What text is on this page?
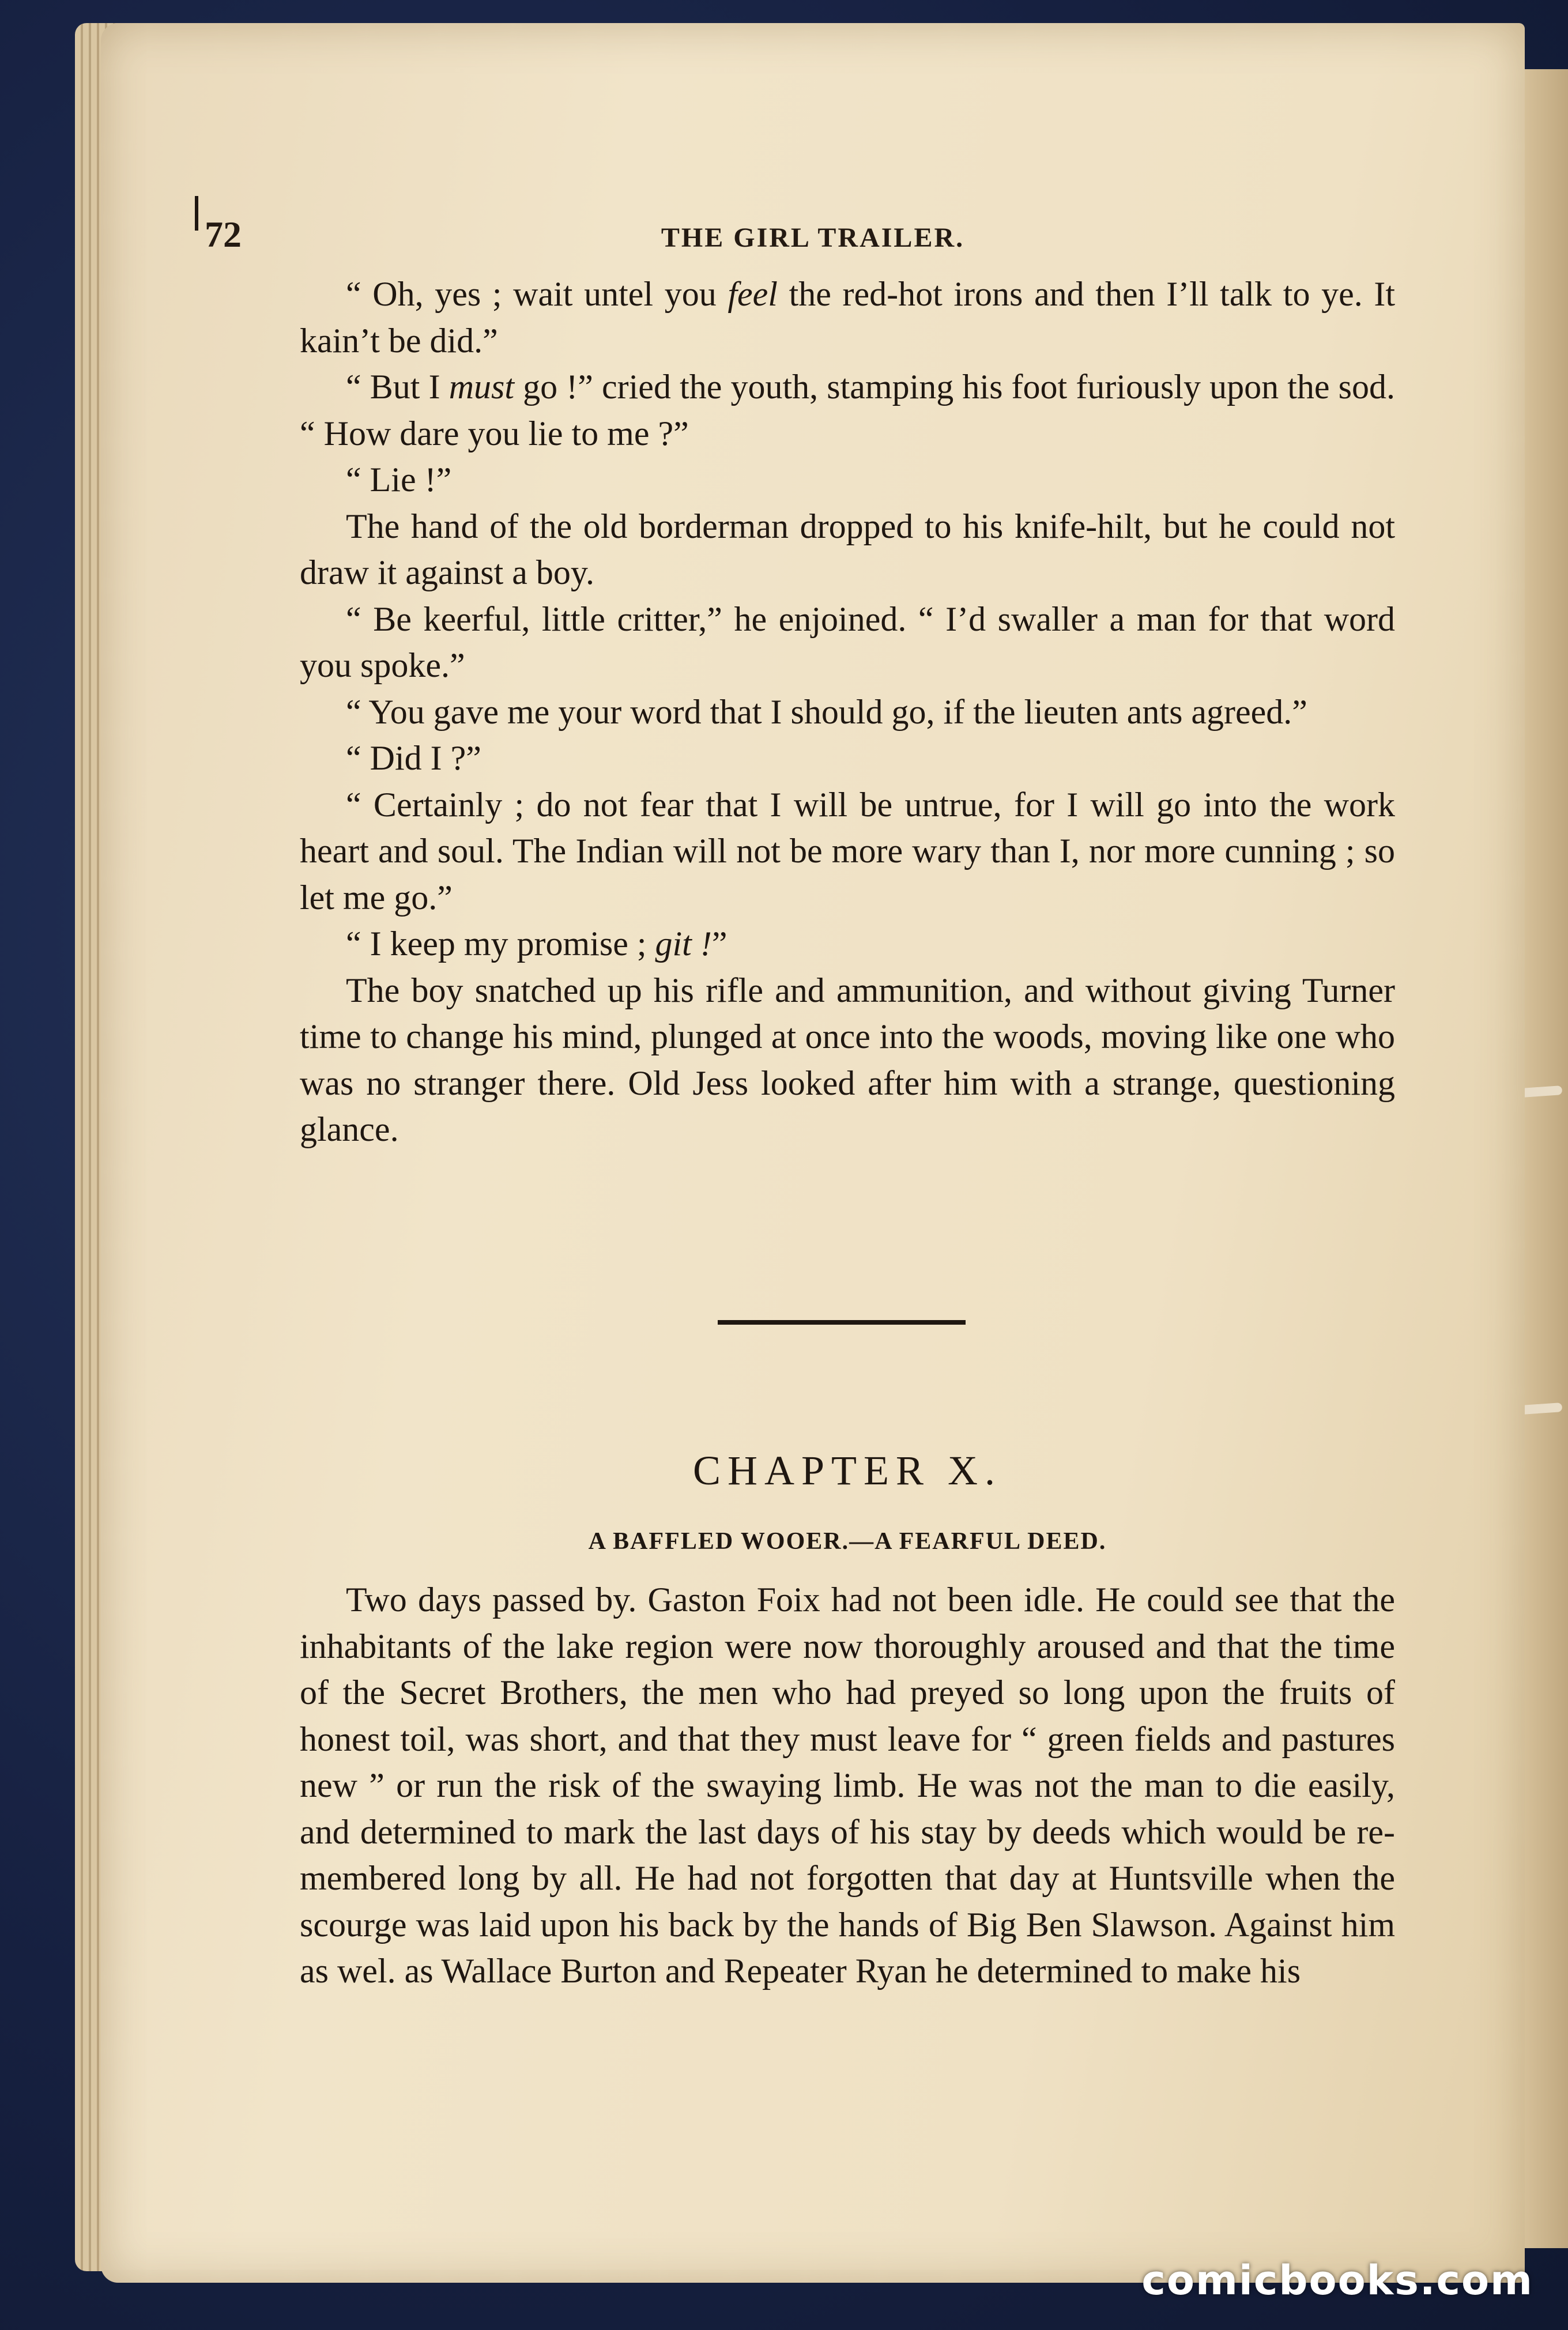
72	THE GIRL TRAILER.

“ Oh, yes ; wait untel you feel the red-hot irons and then I’ll talk to ye. It kain’t be did.”

“ But I must go !” cried the youth, stamping his foot furiously upon the sod. “ How dare you lie to me ?”

“ Lie !”

The hand of the old borderman dropped to his knife-hilt, but he could not draw it against a boy.

“ Be keerful, little critter,” he enjoined. “ I’d swaller a man for that word you spoke.”

“ You gave me your word that I should go, if the lieuten ants agreed.”

“ Did I ?”

“ Certainly ; do not fear that I will be untrue, for I will go into the work heart and soul. The Indian will not be more wary than I, nor more cunning ; so let me go.”

“ I keep my promise ; git !”

The boy snatched up his rifle and ammunition, and without giving Turner time to change his mind, plunged at once into the woods, moving like one who was no stranger there. Old Jess looked after him with a strange, questioning glance.

CHAPTER X.
A BAFFLED WOOER.—A FEARFUL DEED.

Two days passed by. Gaston Foix had not been idle. He could see that the inhabitants of the lake region were now thoroughly aroused and that the time of the Secret Brothers, the men who had preyed so long upon the fruits of honest toil, was short, and that they must leave for “ green fields and pastures new ” or run the risk of the swaying limb. He was not the man to die easily, and determined to mark the last days of his stay by deeds which would be remembered long by all. He had not forgotten that day at Huntsville when the scourge was laid upon his back by the hands of Big Ben Slawson. Against him as wel. as Wallace Burton and Repeater Ryan he determined to make his

comicbooks.com
